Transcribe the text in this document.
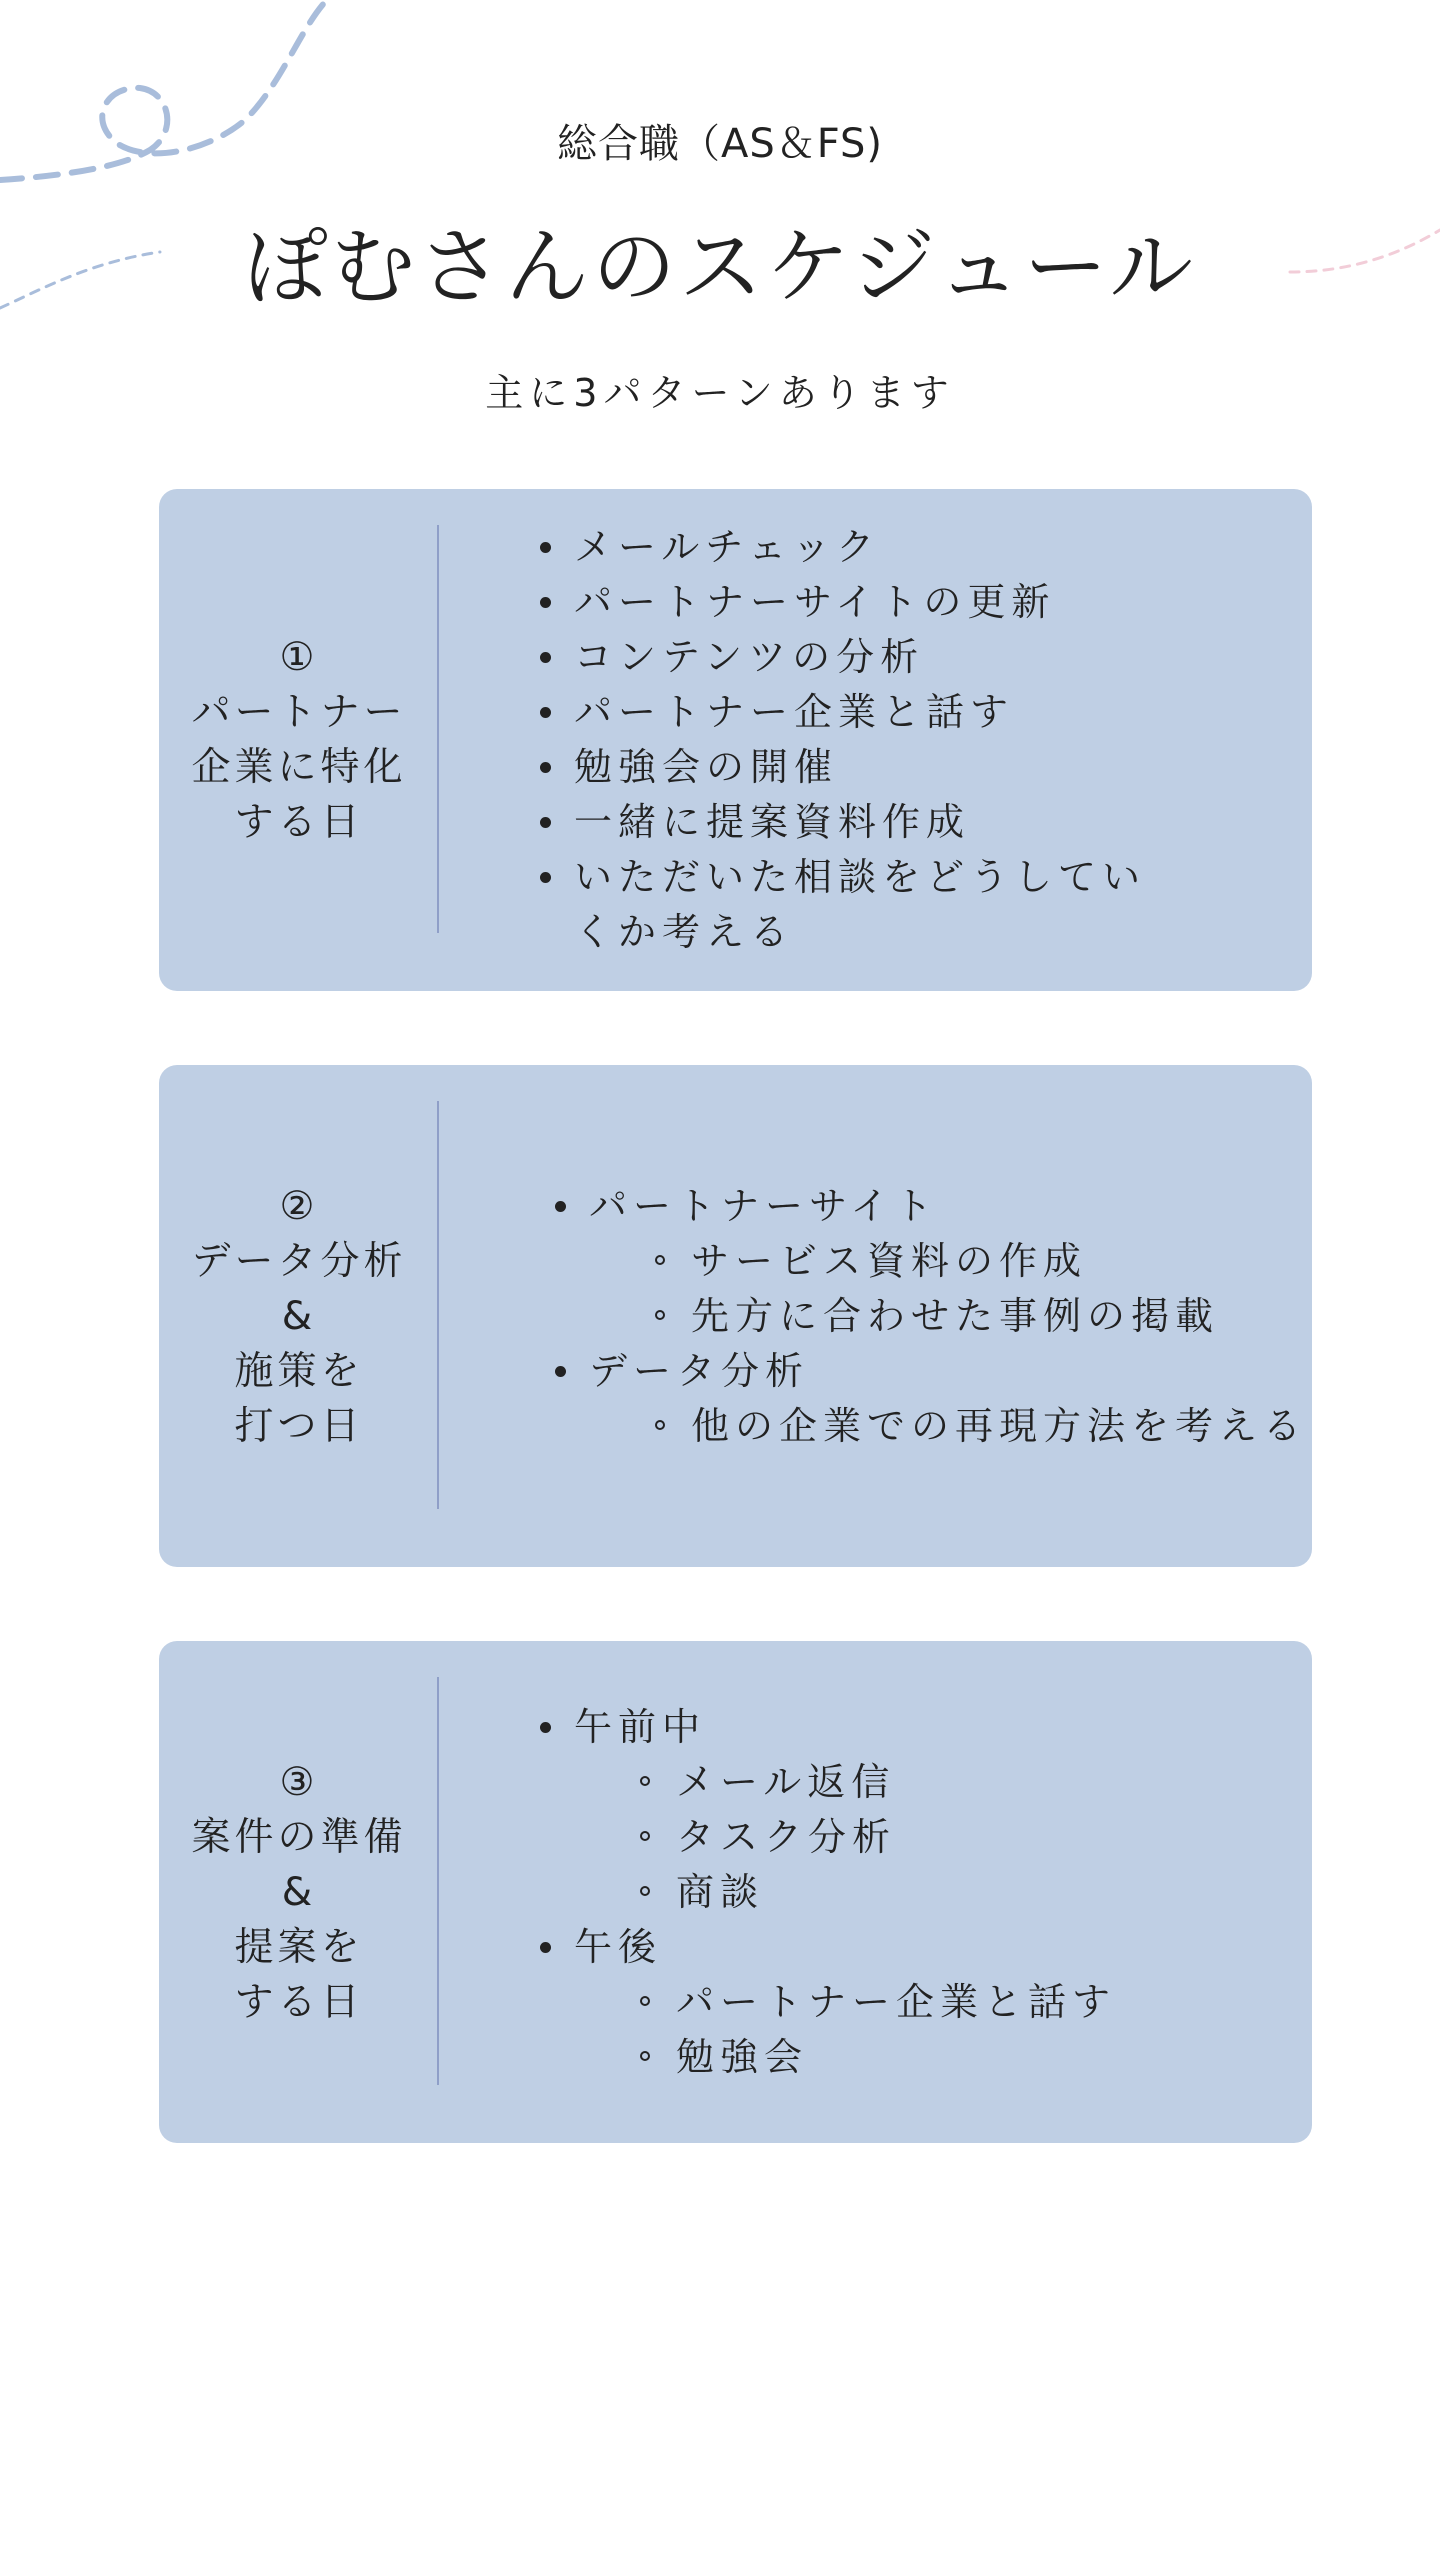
総合職（AS＆FS)
ぽむさんのスケジュール
主に3パターンあります
①
パートナー
企業に特化
する日
メールチェック
パートナーサイトの更新
コンテンツの分析
パートナー企業と話す
勉強会の開催
一緒に提案資料作成
いただいた相談をどうしていくか考える
②
データ分析
&
施策を
打つ日
パートナーサイト
サービス資料の作成
先方に合わせた事例の掲載
データ分析
他の企業での再現方法を考える
③
案件の準備
&
提案を
する日
午前中
メール返信
タスク分析
商談
午後
パートナー企業と話す
勉強会
